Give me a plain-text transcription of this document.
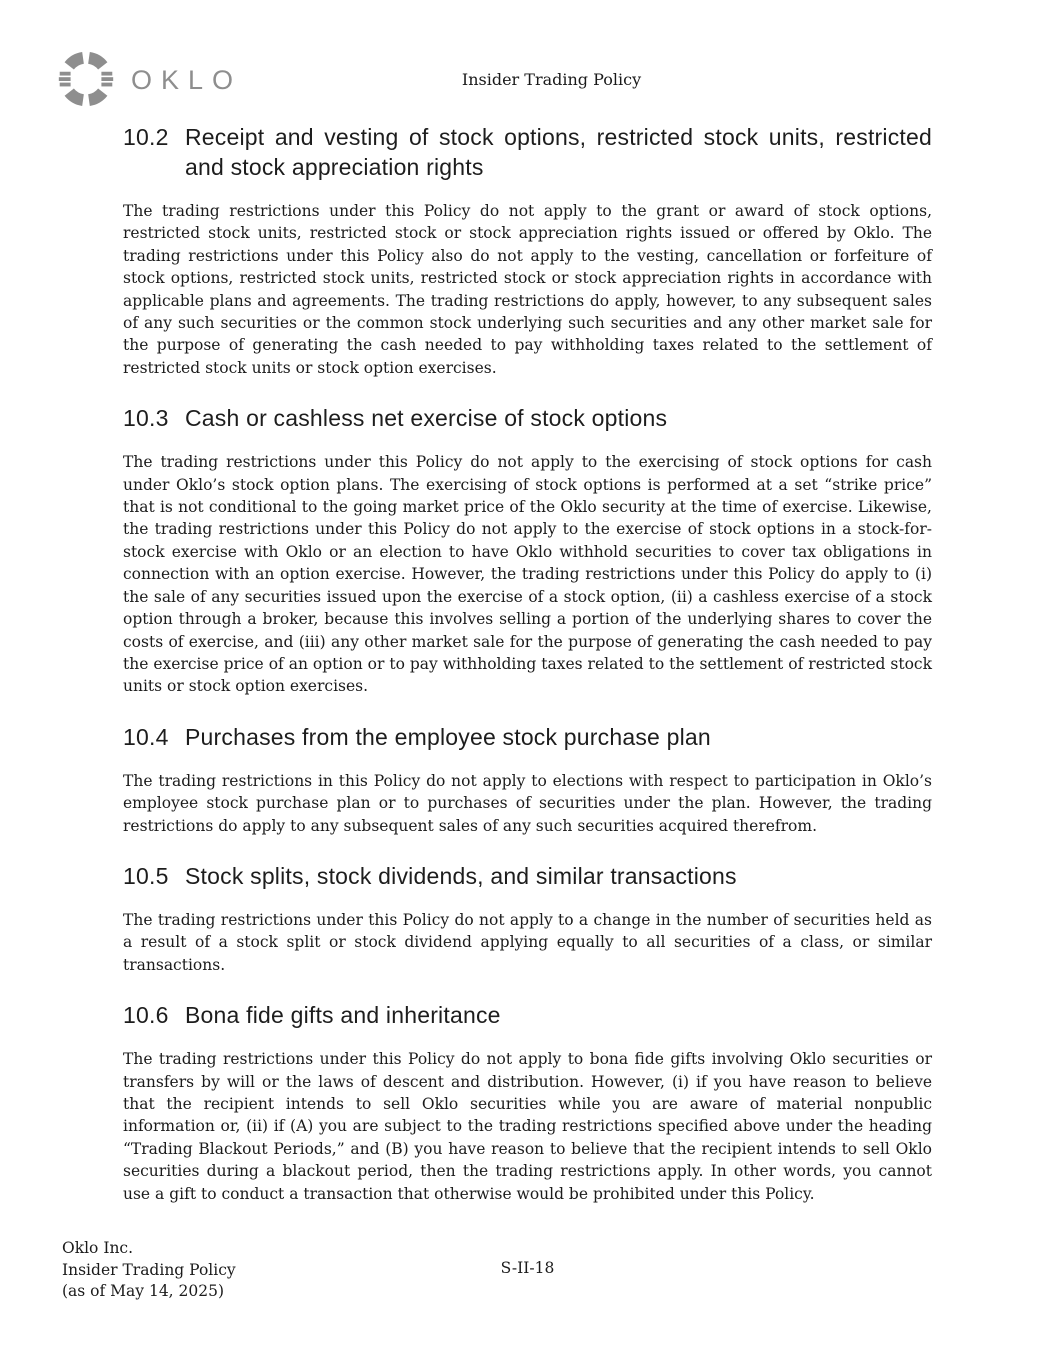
OKLO	Insider Trading Policy
10.2 Receipt and vesting of stock options, restricted stock units, restricted and stock appreciation rights

The trading restrictions under this Policy do not apply to the grant or award of stock options, restricted stock units, restricted stock or stock appreciation rights issued or offered by Oklo. The trading restrictions under this Policy also do not apply to the vesting, cancellation or forfeiture of stock options, restricted stock units, restricted stock or stock appreciation rights in accordance with applicable plans and agreements. The trading restrictions do apply, however, to any subsequent sales of any such securities or the common stock underlying such securities and any other market sale for the purpose of generating the cash needed to pay withholding taxes related to the settlement of restricted stock units or stock option exercises.

10.3 Cash or cashless net exercise of stock options

The trading restrictions under this Policy do not apply to the exercising of stock options for cash under Oklo’s stock option plans. The exercising of stock options is performed at a set “strike price” that is not conditional to the going market price of the Oklo security at the time of exercise. Likewise, the trading restrictions under this Policy do not apply to the exercise of stock options in a stock-for-stock exercise with Oklo or an election to have Oklo withhold securities to cover tax obligations in connection with an option exercise. However, the trading restrictions under this Policy do apply to (i) the sale of any securities issued upon the exercise of a stock option, (ii) a cashless exercise of a stock option through a broker, because this involves selling a portion of the underlying shares to cover the costs of exercise, and (iii) any other market sale for the purpose of generating the cash needed to pay the exercise price of an option or to pay withholding taxes related to the settlement of restricted stock units or stock option exercises.

10.4 Purchases from the employee stock purchase plan

The trading restrictions in this Policy do not apply to elections with respect to participation in Oklo’s employee stock purchase plan or to purchases of securities under the plan. However, the trading restrictions do apply to any subsequent sales of any such securities acquired therefrom.

10.5 Stock splits, stock dividends, and similar transactions

The trading restrictions under this Policy do not apply to a change in the number of securities held as a result of a stock split or stock dividend applying equally to all securities of a class, or similar transactions.

10.6 Bona fide gifts and inheritance

The trading restrictions under this Policy do not apply to bona fide gifts involving Oklo securities or transfers by will or the laws of descent and distribution. However, (i) if you have reason to believe that the recipient intends to sell Oklo securities while you are aware of material nonpublic information or, (ii) if (A) you are subject to the trading restrictions specified above under the heading “Trading Blackout Periods,” and (B) you have reason to believe that the recipient intends to sell Oklo securities during a blackout period, then the trading restrictions apply. In other words, you cannot use a gift to conduct a transaction that otherwise would be prohibited under this Policy.

Oklo Inc.
Insider Trading Policy
(as of May 14, 2025)
S-II-18
